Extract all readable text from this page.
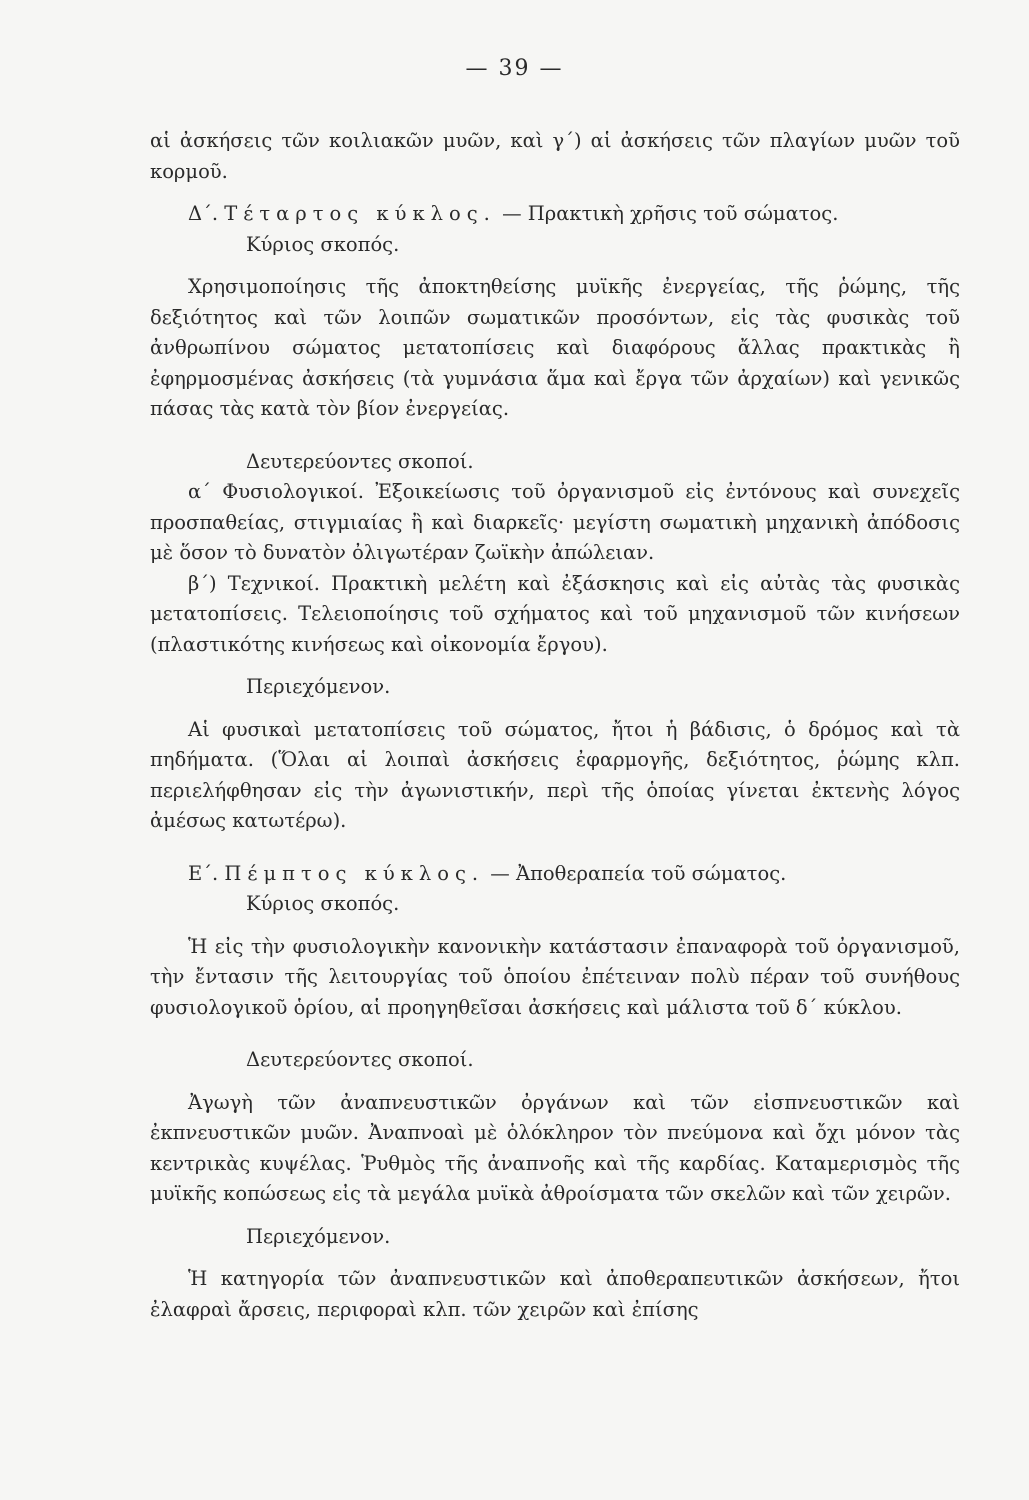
— 39 —

αἱ ἀσκήσεις τῶν κοιλιακῶν μυῶν, καὶ γ΄) αἱ ἀσκήσεις τῶν πλαγίων μυῶν τοῦ κορμοῦ.

Δ΄. Τέταρτος κύκλος. — Πρακτικὴ χρῆσις τοῦ σώματος.

Κύριος σκοπός.

Χρησιμοποίησις τῆς ἀποκτηθείσης μυϊκῆς ἐνεργείας, τῆς ῥώμης, τῆς δεξιότητος καὶ τῶν λοιπῶν σωματικῶν προσόντων, εἰς τὰς φυσικὰς τοῦ ἀνθρωπίνου σώματος μετατοπίσεις καὶ διαφόρους ἄλλας πρακτικὰς ἢ ἐφηρμοσμένας ἀσκήσεις (τὰ γυμνάσια ἅμα καὶ ἔργα τῶν ἀρχαίων) καὶ γενικῶς πάσας τὰς κατὰ τὸν βίον ἐνεργείας.

Δευτερεύοντες σκοποί.

α΄ Φυσιολογικοί. Ἐξοικείωσις τοῦ ὀργανισμοῦ εἰς ἐντόνους καὶ συνεχεῖς προσπαθείας, στιγμιαίας ἢ καὶ διαρκεῖς· μεγίστη σωματικὴ μηχανικὴ ἀπόδοσις μὲ ὅσον τὸ δυνατὸν ὀλιγωτέραν ζωϊκὴν ἀπώλειαν.

β΄) Τεχνικοί. Πρακτικὴ μελέτη καὶ ἐξάσκησις καὶ εἰς αὐτὰς τὰς φυσικὰς μετατοπίσεις. Τελειοποίησις τοῦ σχήματος καὶ τοῦ μηχανισμοῦ τῶν κινήσεων (πλαστικότης κινήσεως καὶ οἰκονομία ἔργου).

Περιεχόμενον.

Αἱ φυσικαὶ μετατοπίσεις τοῦ σώματος, ἤτοι ἡ βάδισις, ὁ δρόμος καὶ τὰ πηδήματα. (Ὅλαι αἱ λοιπαὶ ἀσκήσεις ἐφαρμογῆς, δεξιότητος, ῥώμης κλπ. περιελήφθησαν εἰς τὴν ἀγωνιστικήν, περὶ τῆς ὁποίας γίνεται ἐκτενὴς λόγος ἀμέσως κατωτέρω).

Ε΄. Πέμπτος κύκλος. — Ἀποθεραπεία τοῦ σώματος.

Κύριος σκοπός.

Ἡ εἰς τὴν φυσιολογικὴν κανονικὴν κατάστασιν ἐπαναφορὰ τοῦ ὀργανισμοῦ, τὴν ἔντασιν τῆς λειτουργίας τοῦ ὁποίου ἐπέτειναν πολὺ πέραν τοῦ συνήθους φυσιολογικοῦ ὁρίου, αἱ προηγηθεῖσαι ἀσκήσεις καὶ μάλιστα τοῦ δ΄ κύκλου.

Δευτερεύοντες σκοποί.

Ἀγωγὴ τῶν ἀναπνευστικῶν ὀργάνων καὶ τῶν εἰσπνευστικῶν καὶ ἐκπνευστικῶν μυῶν. Ἀναπνοαὶ μὲ ὁλόκληρον τὸν πνεύμονα καὶ ὄχι μόνον τὰς κεντρικὰς κυψέλας. Ῥυθμὸς τῆς ἀναπνοῆς καὶ τῆς καρδίας. Καταμερισμὸς τῆς μυϊκῆς κοπώσεως εἰς τὰ μεγάλα μυϊκὰ ἀθροίσματα τῶν σκελῶν καὶ τῶν χειρῶν.

Περιεχόμενον.

Ἡ κατηγορία τῶν ἀναπνευστικῶν καὶ ἀποθεραπευτικῶν ἀσκήσεων, ἤτοι ἐλαφραὶ ἄρσεις, περιφοραὶ κλπ. τῶν χειρῶν καὶ ἐπίσης
